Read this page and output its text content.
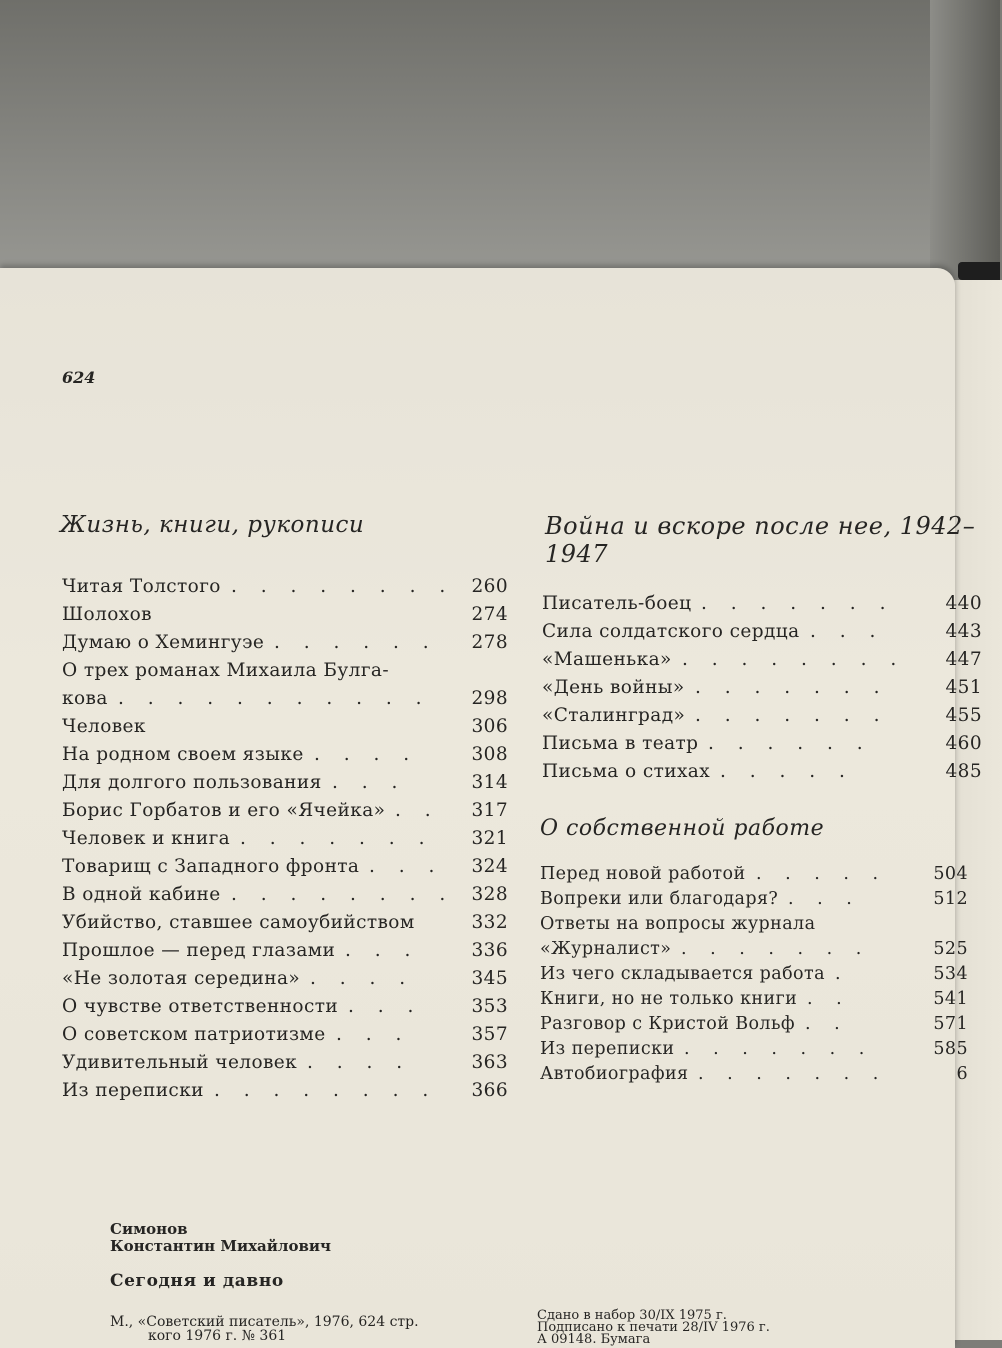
624
Жизнь, книги, рукописи
Читая Толстого . . . . . . . . 260
Шолохов	274
Думаю о Хемингуэе . . . . . . 278
О трех романах Михаила Булга-
кова . . . . . . . . . . . 298
Человек	306
На родном своем языке . . . .	308
Для долгого пользования . . .	314
Борис Горбатов и его «Ячейка» . . 317
Человек и книга . . . . . . . 321
Товарищ с Западного фронта . . . 324
В одной кабине . . . . . . . . 328
Убийство, ставшее самоубийством	332
Прошлое — перед глазами . . .	336
«Не золотая середина» . . . .	345
О чувстве ответственности . . .	353
О советском патриотизме . . .	357
Удивительный человек . . . .	363
Из переписки . . . . . . . . 366
Война и вскоре после нее, 1942–
1947
Писатель-боец . . . . . . .	440
Сила солдатского сердца . . .	443
«Машенька» . . . . . . . . 447
«День войны» . . . . . . .	451
«Сталинград» . . . . . . .	455
Письма в театр . . . . . .	460
Письма о стихах . . . . .	485
О собственной работе
Перед новой работой . . . . .	504
Вопреки или благодаря? . . .	512
Ответы на вопросы журнала
«Журналист» . . . . . . .	525
Из чего складывается работа .	534
Книги, но не только книги . .	541
Разговор с Кристой Вольф . .	571
Из переписки . . . . . . .	585
Автобиография . . . . . . .	6
Симонов
Константин Михайлович
Сегодня и давно
М., «Советский писатель», 1976, 624 стр.
кого 1976 г. № 361
Сдано в набор 30/IX 1975 г.
Подписано к печати 28/IV 1976 г.
А 09148. Бумага
